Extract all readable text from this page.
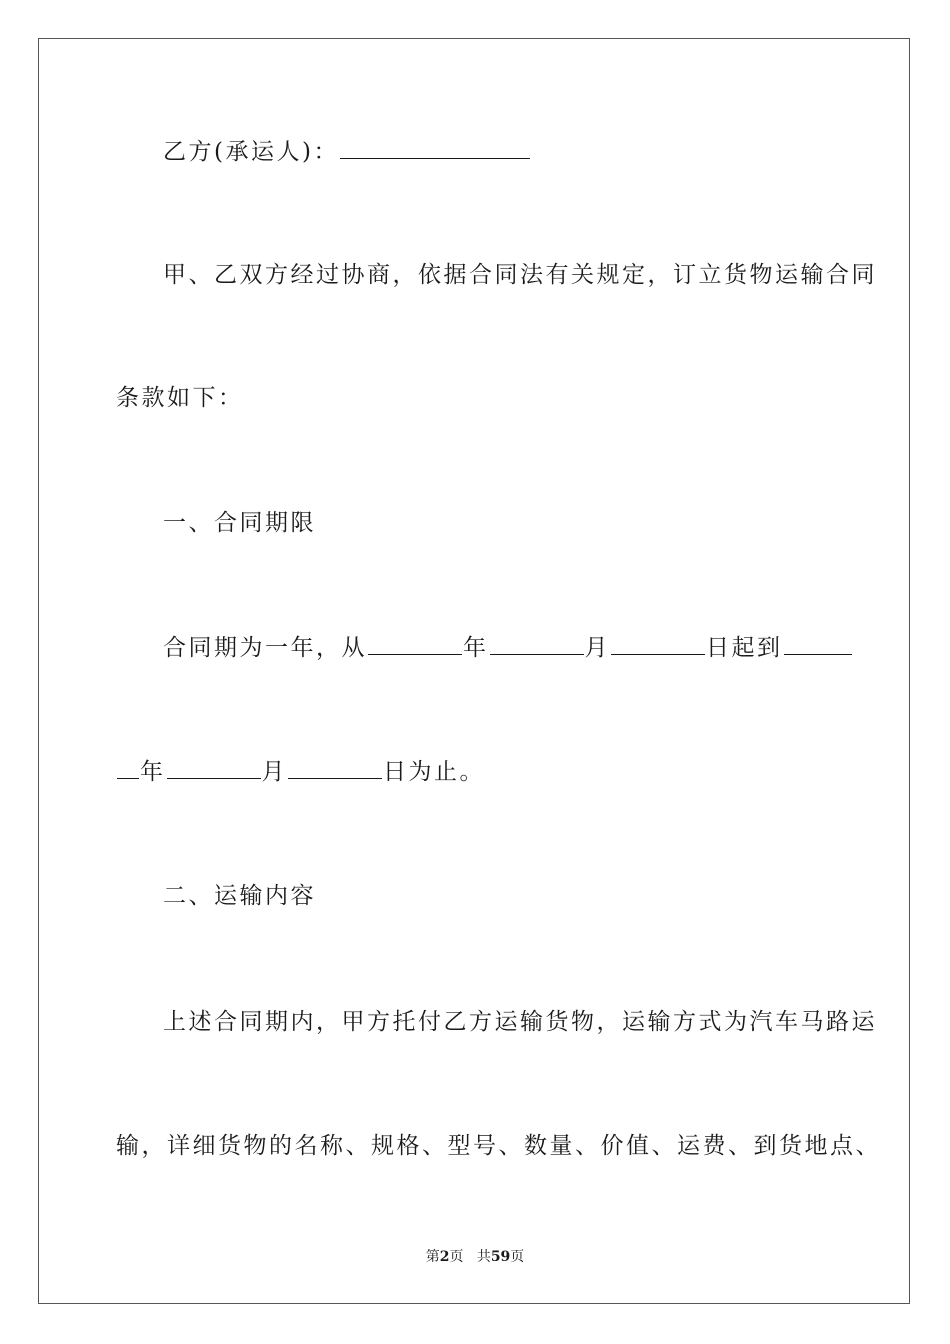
乙方(承运人)：
甲、乙双方经过协商，依据合同法有关规定，订立货物运输合同
条款如下：
一、合同期限
合同期为一年，从	年	月	日起到
年	月	日为止。
二、运输内容
上述合同期内，甲方托付乙方运输货物，运输方式为汽车马路运
输，详细货物的名称、规格、型号、数量、价值、运费、到货地点、
第2页 共59页
